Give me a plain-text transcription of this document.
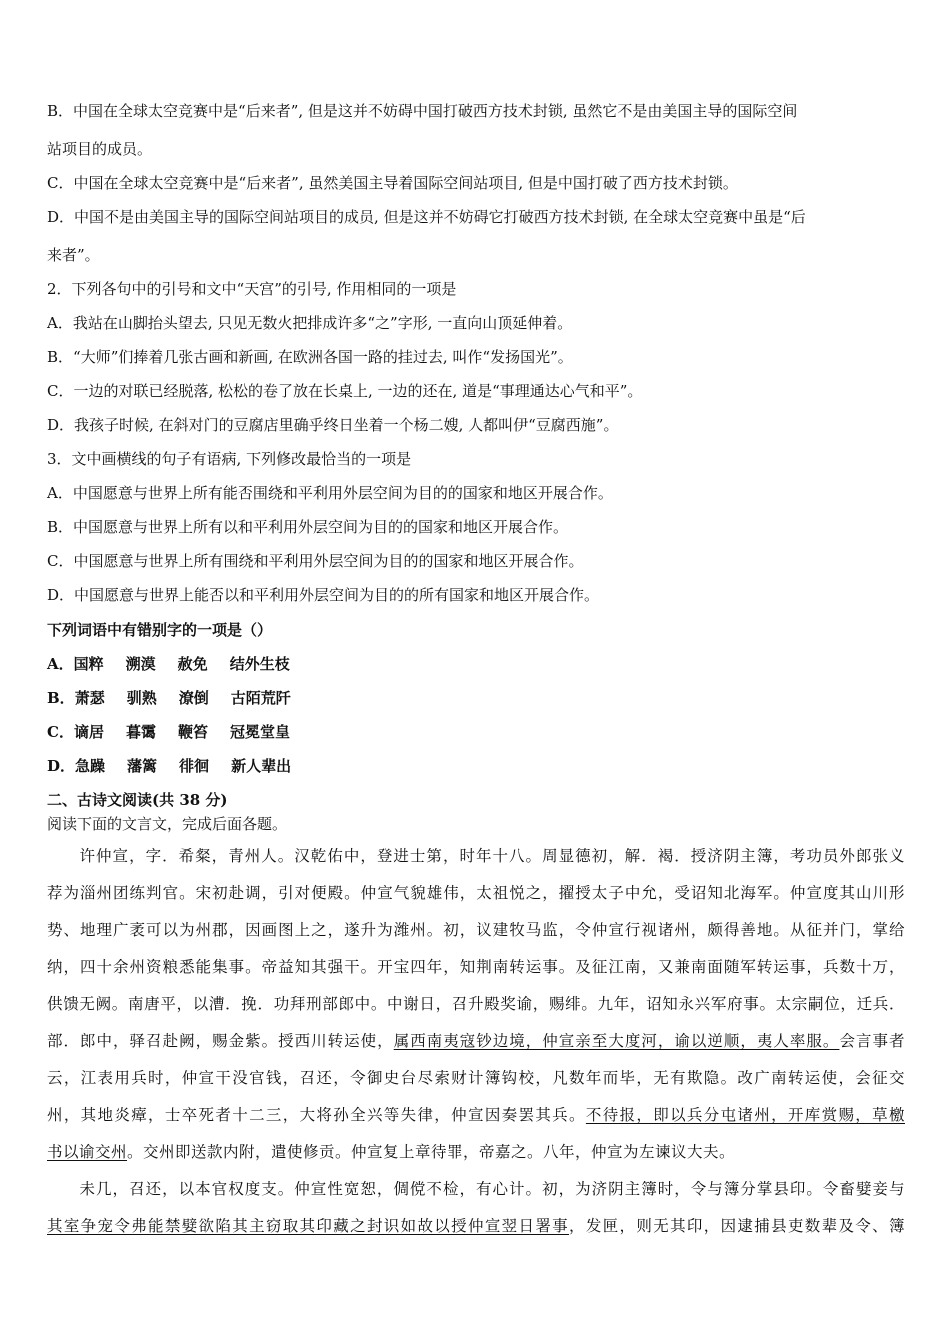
B．中国在全球太空竞赛中是“后来者”, 但是这并不妨碍中国打破西方技术封锁, 虽然它不是由美国主导的国际空间
站项目的成员。
C．中国在全球太空竞赛中是“后来者”, 虽然美国主导着国际空间站项目, 但是中国打破了西方技术封锁。
D．中国不是由美国主导的国际空间站项目的成员, 但是这并不妨碍它打破西方技术封锁, 在全球太空竞赛中虽是“后
来者”。
2．下列各句中的引号和文中“天宫”的引号, 作用相同的一项是
A．我站在山脚抬头望去, 只见无数火把排成许多“之”字形, 一直向山顶延伸着。
B．“大师”们捧着几张古画和新画, 在欧洲各国一路的挂过去, 叫作“发扬国光”。
C．一边的对联已经脱落, 松松的卷了放在长桌上, 一边的还在, 道是“事理通达心气和平”。
D．我孩子时候, 在斜对门的豆腐店里确乎终日坐着一个杨二嫂, 人都叫伊“豆腐西施”。
3．文中画横线的句子有语病, 下列修改最恰当的一项是
A．中国愿意与世界上所有能否围绕和平利用外层空间为目的的国家和地区开展合作。
B．中国愿意与世界上所有以和平利用外层空间为目的的国家和地区开展合作。
C．中国愿意与世界上所有围绕和平利用外层空间为目的的国家和地区开展合作。
D．中国愿意与世界上能否以和平利用外层空间为目的的所有国家和地区开展合作。
下列词语中有错别字的一项是（）
A．国粹 溯漠 赦免 结外生枝
B．萧瑟 驯熟 潦倒 古陌荒阡
C．谪居 暮霭 鞭笞 冠冕堂皇
D．急躁 藩篱 徘徊 新人辈出
二、古诗文阅读(共 38 分)
阅读下面的文言文，完成后面各题。
许仲宣，字．希粲，青州人。汉乾佑中，登进士第，时年十八。周显德初，解．褐．授济阴主簿，考功员外郎张义
荐为淄州团练判官。宋初赴调，引对便殿。仲宣气貌雄伟，太祖悦之，擢授太子中允，受诏知北海军。仲宣度其山川形
势、地理广袤可以为州郡，因画图上之，遂升为潍州。初，议建牧马监，令仲宣行视诸州，颇得善地。从征并门，掌给
纳，四十余州资粮悉能集事。帝益知其强干。开宝四年，知荆南转运事。及征江南，又兼南面随军转运事，兵数十万，
供馈无阙。南唐平，以漕．挽．功拜刑部郎中。中谢日，召升殿奖谕，赐绯。九年，诏知永兴军府事。太宗嗣位，迁兵．
部．郎中，驿召赴阙，赐金紫。授西川转运使，属西南夷寇钞边境，仲宣亲至大度河，谕以逆顺，夷人率服。会言事者
云，江表用兵时，仲宣干没官钱，召还，令御史台尽索财计簿钩校，凡数年而毕，无有欺隐。改广南转运使，会征交
州，其地炎瘴，士卒死者十二三，大将孙全兴等失律，仲宣因奏罢其兵。不待报，即以兵分屯诸州，开库赏赐，草檄
书以谕交州。交州即送款内附，遣使修贡。仲宣复上章待罪，帝嘉之。八年，仲宣为左谏议大夫。
未几，召还，以本官权度支。仲宣性宽恕，倜傥不检，有心计。初，为济阴主簿时，令与簿分掌县印。令畜嬖妾与
其室争宠令弗能禁嬖欲陷其主窃取其印藏之封识如故以授仲宣翌日署事，发匣，则无其印，因逮捕县吏数辈及令、簿
